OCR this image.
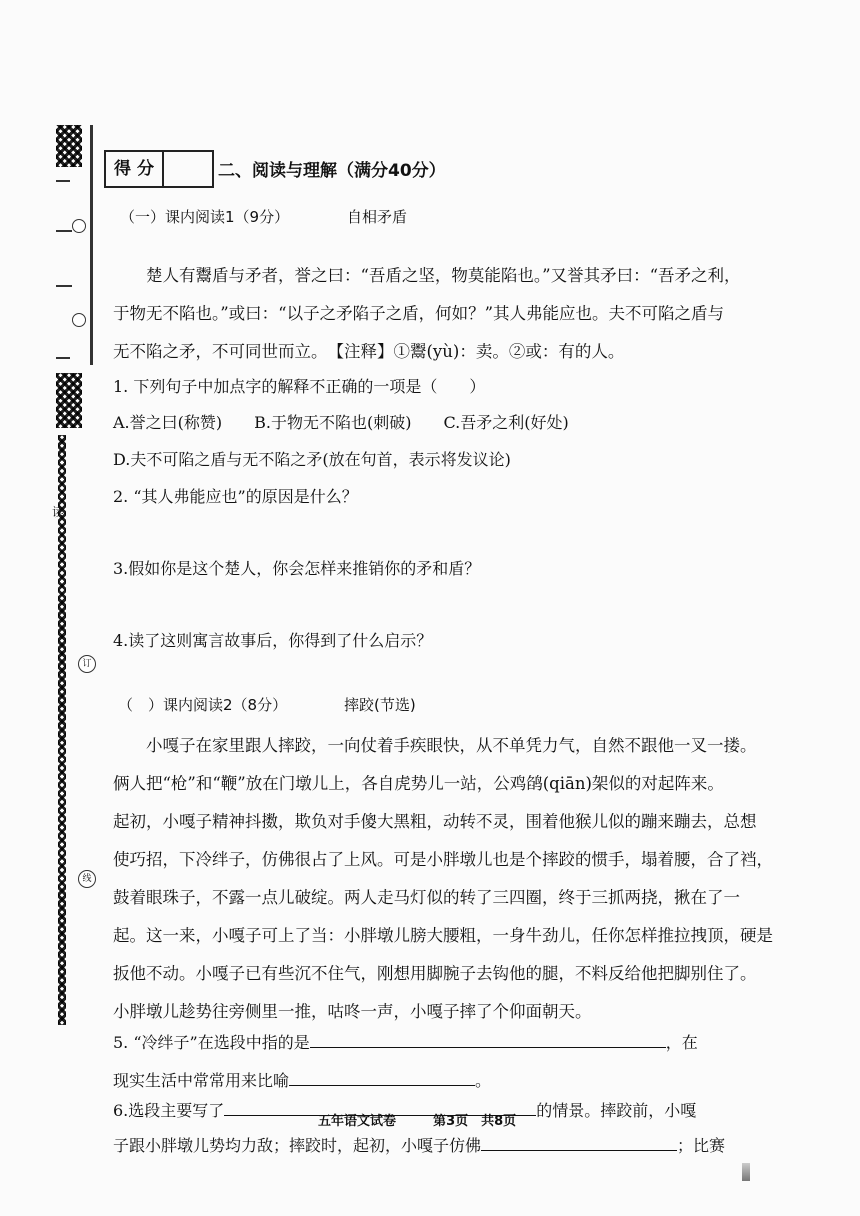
读
订
线
得 分	二、阅读与理解（满分40分）
（一）课内阅读1（9分）	自相矛盾
楚人有鬻盾与矛者，誉之曰：“吾盾之坚，物莫能陷也。”又誉其矛曰：“吾矛之利，
于物无不陷也。”或曰：“以子之矛陷子之盾，何如？”其人弗能应也。夫不可陷之盾与
无不陷之矛，不可同世而立。　【注释】①鬻(yù)：卖。②或：有的人。
1. 下列句子中加点字的解释不正确的一项是（　　）
A.誉之曰(称赞)　　B.于物无不陷也(刺破)　　C.吾矛之利(好处)
D.夫不可陷之盾与无不陷之矛(放在句首，表示将发议论)
2. “其人弗能应也”的原因是什么？
3.假如你是这个楚人，你会怎样来推销你的矛和盾？
4.读了这则寓言故事后，你得到了什么启示？
（　）课内阅读2（8分）	摔跤(节选)
小嘎子在家里跟人摔跤，一向仗着手疾眼快，从不单凭力气，自然不跟他一叉一搂。
俩人把“枪”和“鞭”放在门墩儿上，各自虎势儿一站，公鸡鹐(qiān)架似的对起阵来。
起初，小嘎子精神抖擞，欺负对手傻大黑粗，动转不灵，围着他猴儿似的蹦来蹦去，总想
使巧招，下冷绊子，仿佛很占了上风。可是小胖墩儿也是个摔跤的惯手，塌着腰，合了裆，
鼓着眼珠子，不露一点儿破绽。两人走马灯似的转了三四圈，终于三抓两挠，揪在了一
起。这一来，小嘎子可上了当：小胖墩儿膀大腰粗，一身牛劲儿，任你怎样推拉拽顶，硬是
扳他不动。小嘎子已有些沉不住气，刚想用脚腕子去钩他的腿，不料反给他把脚别住了。
小胖墩儿趁势往旁侧里一推，咕咚一声，小嘎子摔了个仰面朝天。
5. “冷绊子”在选段中指的是	，在
现实生活中常常用来比喻	。
6.选段主要写了	的情景。摔跤前，小嘎
子跟小胖墩儿势均力敌；摔跤时，起初，小嘎子仿佛	；比赛
五年语文试卷	第3页　共8页
